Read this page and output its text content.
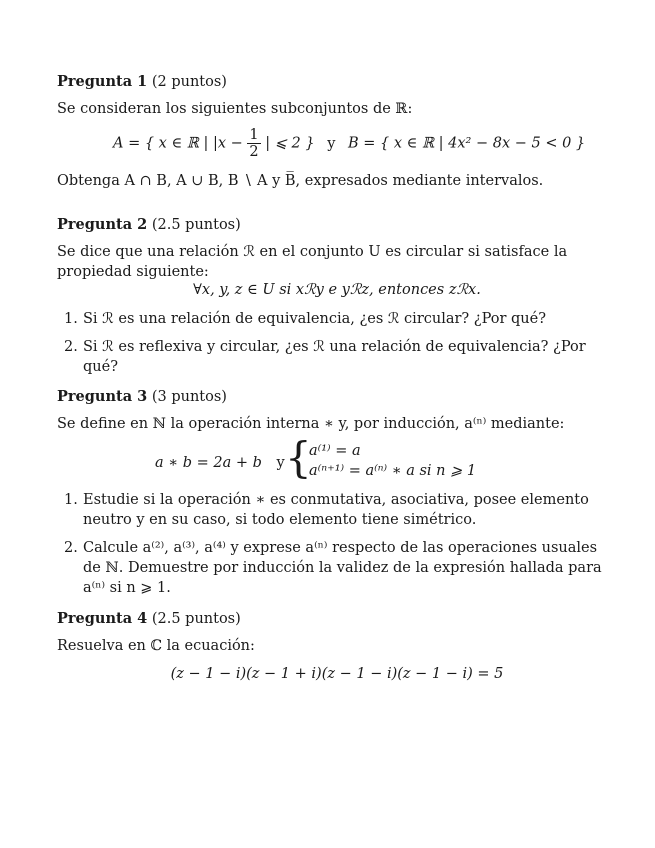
Pregunta 1 (2 puntos)
Se consideran los siguientes subconjuntos de ℝ:
A = { x ∈ ℝ | $|x - \frac{1}{2}$ | ⩽ 2 } y B = { x ∈ ℝ | 4x² − 8x − 5 < 0 }
Obtenga A ∩ B, A ∪ B, B ∖ A y B̅, expresados mediante intervalos.
Pregunta 2 (2.5 puntos)
Se dice que una relación ℛ en el conjunto U es circular si satisface la propiedad siguiente:
∀x, y, z ∈ U si xℛy e yℛz, entonces zℛx.
1. Si ℛ es una relación de equivalencia, ¿es ℛ circular? ¿Por qué?
2. Si ℛ es reflexiva y circular, ¿es ℛ una relación de equivalencia? ¿Por qué?
Pregunta 3 (3 puntos)
Se define en ℕ la operación interna ∗ y, por inducción, a⁽ⁿ⁾ mediante:
a ∗ b = 2a + b y {
a⁽¹⁾ = a
a⁽ⁿ⁺¹⁾ = a⁽ⁿ⁾ ∗ a si n ⩾ 1
1. Estudie si la operación ∗ es conmutativa, asociativa, posee elemento neutro y en su caso, si todo elemento tiene simétrico.
2. Calcule a⁽²⁾, a⁽³⁾, a⁽⁴⁾ y exprese a⁽ⁿ⁾ respecto de las operaciones usuales de ℕ. Demuestre por inducción la validez de la expresión hallada para a⁽ⁿ⁾ si n ⩾ 1.
Pregunta 4 (2.5 puntos)
Resuelva en ℂ la ecuación:
(z − 1 − i)(z − 1 + i)(z − 1 − i)(z − 1 − i) = 5
